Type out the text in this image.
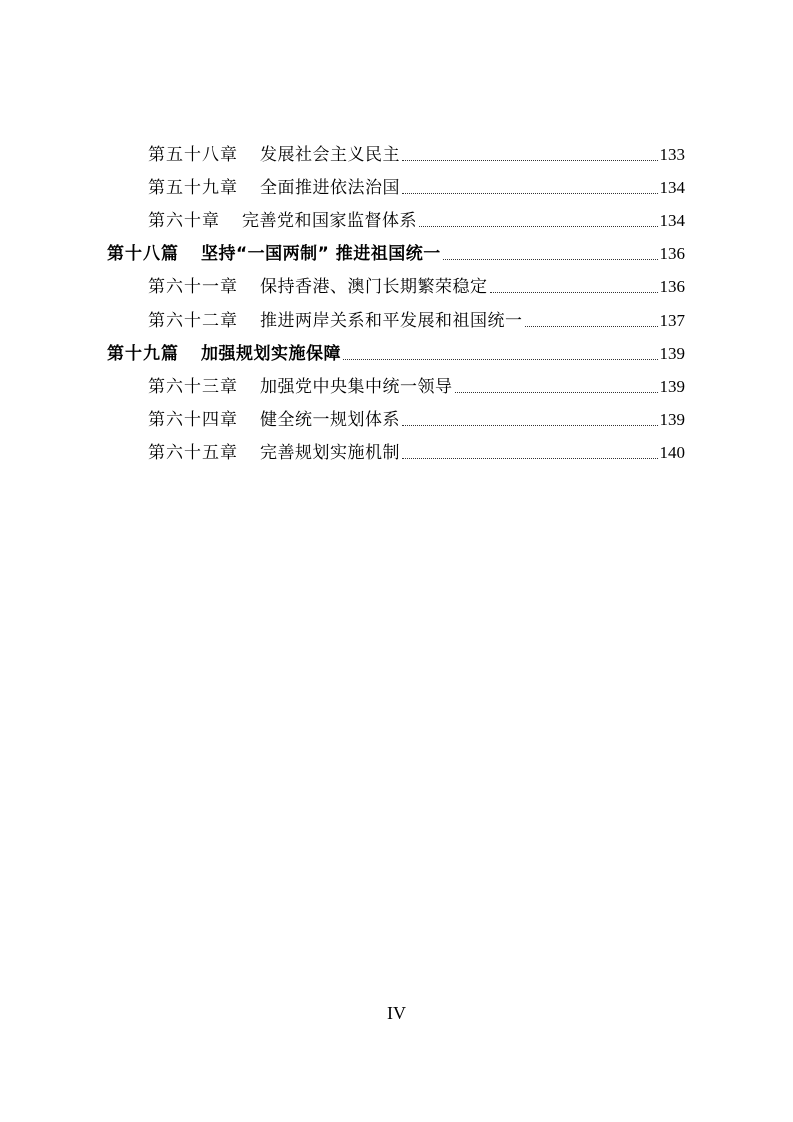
第五十八章 发展社会主义民主	133
第五十九章 全面推进依法治国	134
第六十章 完善党和国家监督体系	134
第十八篇 坚持“一国两制” 推进祖国统一	136
第六十一章 保持香港、澳门长期繁荣稳定	136
第六十二章 推进两岸关系和平发展和祖国统一	137
第十九篇 加强规划实施保障	139
第六十三章 加强党中央集中统一领导	139
第六十四章 健全统一规划体系	139
第六十五章 完善规划实施机制	140
IV
